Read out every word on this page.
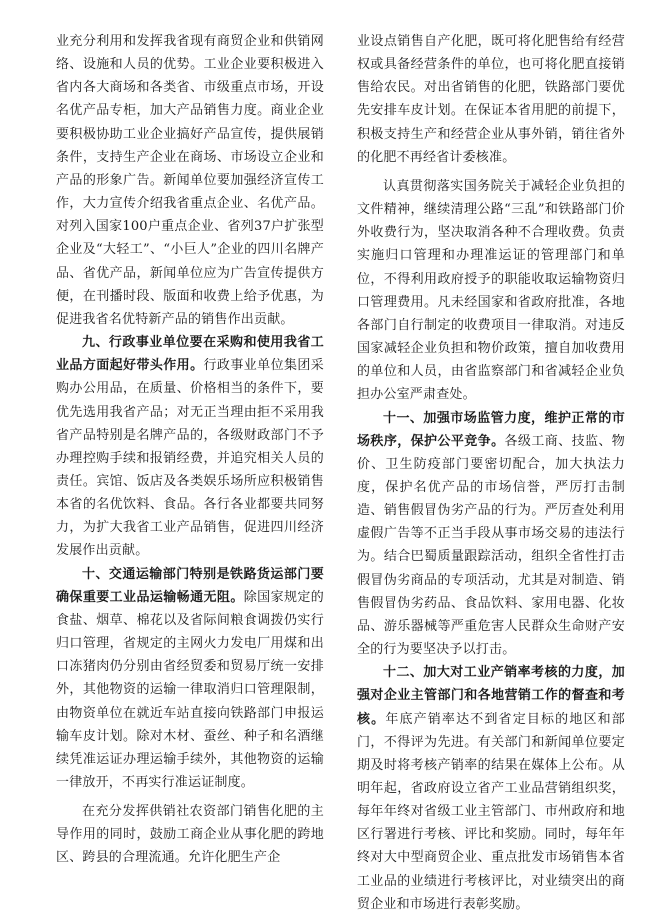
业充分利用和发挥我省现有商贸企业和供销网络、设施和人员的优势。工业企业要积极进入省内各大商场和各类省、市级重点市场，开设名优产品专柜，加大产品销售力度。商业企业要积极协助工业企业搞好产品宣传，提供展销条件，支持生产企业在商场、市场设立企业和产品的形象广告。新闻单位要加强经济宣传工作，大力宣传介绍我省重点企业、名优产品。对列入国家100户重点企业、省列37户扩张型企业及“大轻工”、“小巨人”企业的四川名牌产品、省优产品，新闻单位应为广告宣传提供方便，在刊播时段、版面和收费上给予优惠，为促进我省名优特新产品的销售作出贡献。

九、行政事业单位要在采购和使用我省工业品方面起好带头作用。行政事业单位集团采购办公用品，在质量、价格相当的条件下，要优先选用我省产品；对无正当理由拒不采用我省产品特别是名牌产品的，各级财政部门不予办理控购手续和报销经费，并追究相关人员的责任。宾馆、饭店及各类娱乐场所应积极销售本省的名优饮料、食品。各行各业都要共同努力，为扩大我省工业产品销售，促进四川经济发展作出贡献。

十、交通运输部门特别是铁路货运部门要确保重要工业品运输畅通无阻。除国家规定的食盐、烟草、棉花以及省际间粮食调拨仍实行归口管理，省规定的主网火力发电厂用煤和出口冻猪肉仍分别由省经贸委和贸易厅统一安排外，其他物资的运输一律取消归口管理限制，由物资单位在就近车站直接向铁路部门申报运输车皮计划。除对木材、蚕丝、种子和名酒继续凭准运证办理运输手续外，其他物资的运输一律放开，不再实行准运证制度。

在充分发挥供销社农资部门销售化肥的主导作用的同时，鼓励工商企业从事化肥的跨地区、跨县的合理流通。允许化肥生产企

业设点销售自产化肥，既可将化肥售给有经营权或具备经营条件的单位，也可将化肥直接销售给农民。对出省销售的化肥，铁路部门要优先安排车皮计划。在保证本省用肥的前提下，积极支持生产和经营企业从事外销，销往省外的化肥不再经省计委核准。

认真贯彻落实国务院关于减轻企业负担的文件精神，继续清理公路“三乱”和铁路部门价外收费行为，坚决取消各种不合理收费。负责实施归口管理和办理准运证的管理部门和单位，不得利用政府授予的职能收取运输物资归口管理费用。凡未经国家和省政府批准，各地各部门自行制定的收费项目一律取消。对违反国家减轻企业负担和物价政策，擅自加收费用的单位和人员，由省监察部门和省减轻企业负担办公室严肃查处。

十一、加强市场监管力度，维护正常的市场秩序，保护公平竞争。各级工商、技监、物价、卫生防疫部门要密切配合，加大执法力度，保护名优产品的市场信誉，严厉打击制造、销售假冒伪劣产品的行为。严厉查处利用虚假广告等不正当手段从事市场交易的违法行为。结合巴蜀质量跟踪活动，组织全省性打击假冒伪劣商品的专项活动，尤其是对制造、销售假冒伪劣药品、食品饮料、家用电器、化妆品、游乐器械等严重危害人民群众生命财产安全的行为要坚决予以打击。

十二、加大对工业产销率考核的力度，加强对企业主管部门和各地营销工作的督查和考核。年底产销率达不到省定目标的地区和部门，不得评为先进。有关部门和新闻单位要定期及时将考核产销率的结果在媒体上公布。从明年起，省政府设立省产工业品营销组织奖，每年年终对省级工业主管部门、市州政府和地区行署进行考核、评比和奖励。同时，每年年终对大中型商贸企业、重点批发市场销售本省工业品的业绩进行考核评比，对业绩突出的商贸企业和市场进行表彰奖励。
